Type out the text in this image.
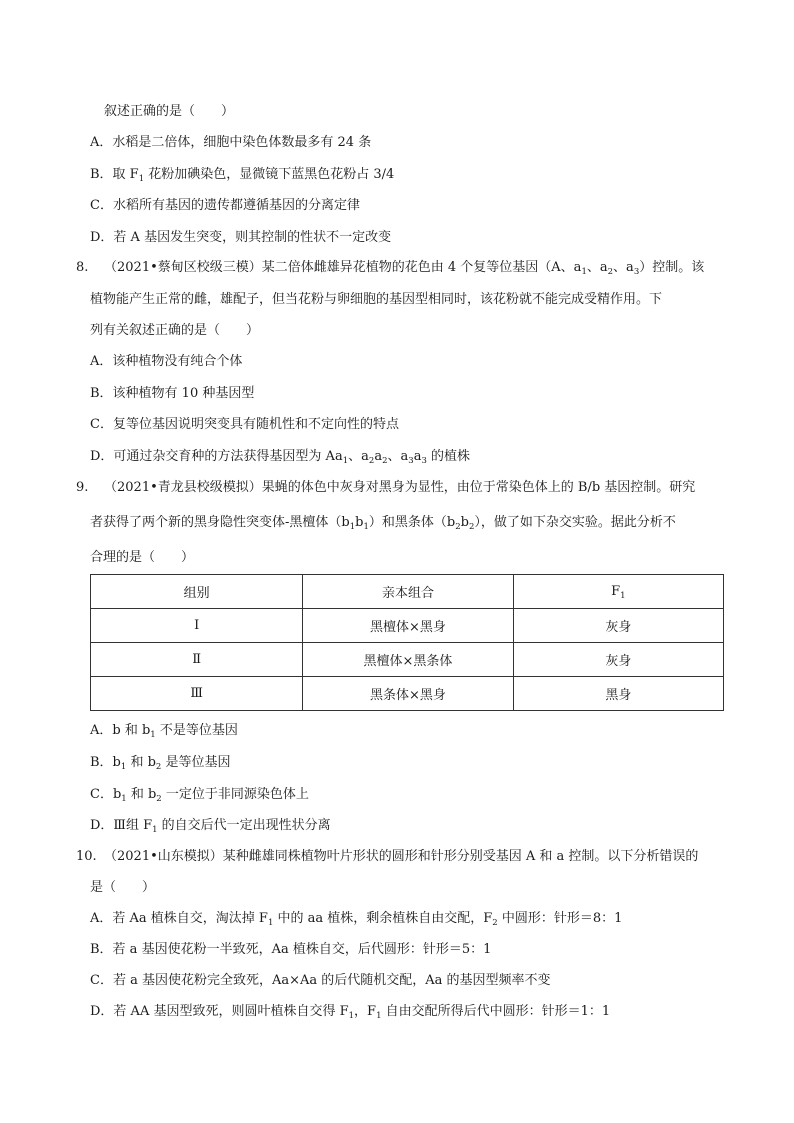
叙述正确的是（　　）
A．水稻是二倍体，细胞中染色体数最多有 24 条
B．取 $F_1$ 花粉加碘染色，显微镜下蓝黑色花粉占 3/4
C．水稻所有基因的遗传都遵循基因的分离定律
D．若 A 基因发生突变，则其控制的性状不一定改变
8. （2021•蔡甸区校级三模）某二倍体雌雄异花植物的花色由 4 个复等位基因（A、$a_1$、$a_2$、$a_3$）控制。该
植物能产生正常的雌，雄配子，但当花粉与卵细胞的基因型相同时，该花粉就不能完成受精作用。下
列有关叙述正确的是（　　）
A．该种植物没有纯合个体
B．该种植物有 10 种基因型
C．复等位基因说明突变具有随机性和不定向性的特点
D．可通过杂交育种的方法获得基因型为 $Aa_1$、$a_2a_2$、$a_3a_3$ 的植株
9. （2021•青龙县校级模拟）果蝇的体色中灰身对黑身为显性，由位于常染色体上的 B/b 基因控制。研究
者获得了两个新的黑身隐性突变体-黑檀体$(b_1b_1)$和黑条体$(b_2b_2)$，做了如下杂交实验。据此分析不
合理的是（　　）
组别	亲本组合	$F_1$
Ⅰ	黑檀体×黑身	灰身
Ⅱ	黑檀体×黑条体	灰身
Ⅲ	黑条体×黑身	黑身
A．b 和 $b_1$ 不是等位基因
B．$b_1$ 和 $b_2$ 是等位基因
C．$b_1$ 和 $b_2$ 一定位于非同源染色体上
D．Ⅲ组 $F_1$ 的自交后代一定出现性状分离
10. （2021•山东模拟）某种雌雄同株植物叶片形状的圆形和针形分别受基因 A 和 a 控制。以下分析错误的
是（　　）
A．若 Aa 植株自交，淘汰掉 $F_1$ 中的 aa 植株，剩余植株自由交配，$F_2$ 中圆形：针形＝8：1
B．若 a 基因使花粉一半致死，Aa 植株自交，后代圆形：针形＝5：1
C．若 a 基因使花粉完全致死，Aa×Aa 的后代随机交配，Aa 的基因型频率不变
D．若 AA 基因型致死，则圆叶植株自交得 $F_1$，$F_1$ 自由交配所得后代中圆形：针形＝1：1
